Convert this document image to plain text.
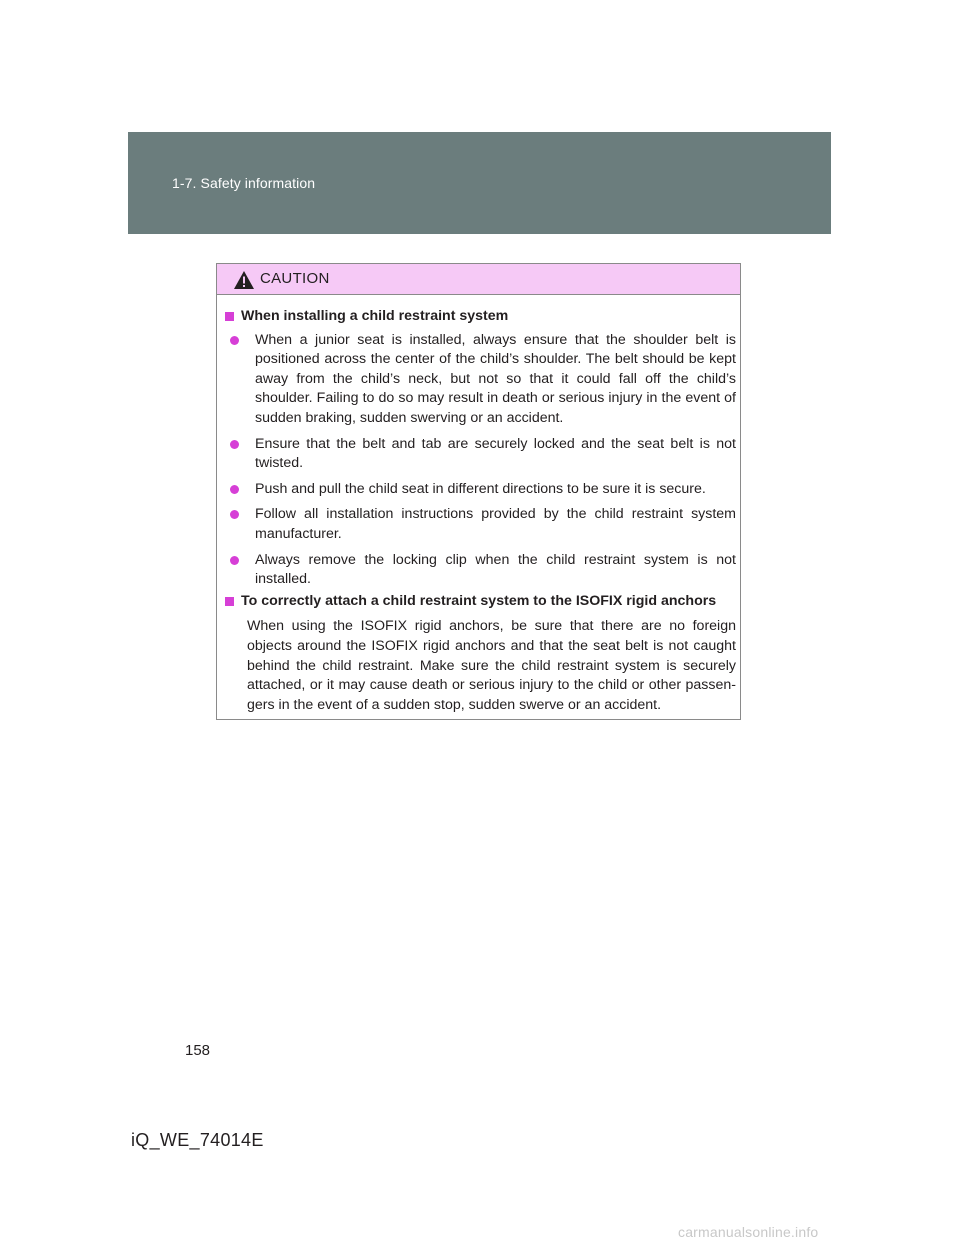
1-7. Safety information
CAUTION
When installing a child restraint system
When a junior seat is installed, always ensure that the shoulder belt is positioned across the center of the child’s shoulder. The belt should be kept away from the child’s neck, but not so that it could fall off the child’s shoulder. Failing to do so may result in death or serious injury in the event of sudden braking, sudden swerving or an accident.
Ensure that the belt and tab are securely locked and the seat belt is not twisted.
Push and pull the child seat in different directions to be sure it is secure.
Follow all installation instructions provided by the child restraint system manufacturer.
Always remove the locking clip when the child restraint system is not installed.
To correctly attach a child restraint system to the ISOFIX rigid anchors
When using the ISOFIX rigid anchors, be sure that there are no foreign objects around the ISOFIX rigid anchors and that the seat belt is not caught behind the child restraint. Make sure the child restraint system is securely attached, or it may cause death or serious injury to the child or other passen-gers in the event of a sudden stop, sudden swerve or an accident.
158
iQ_WE_74014E
carmanualsonline.info
